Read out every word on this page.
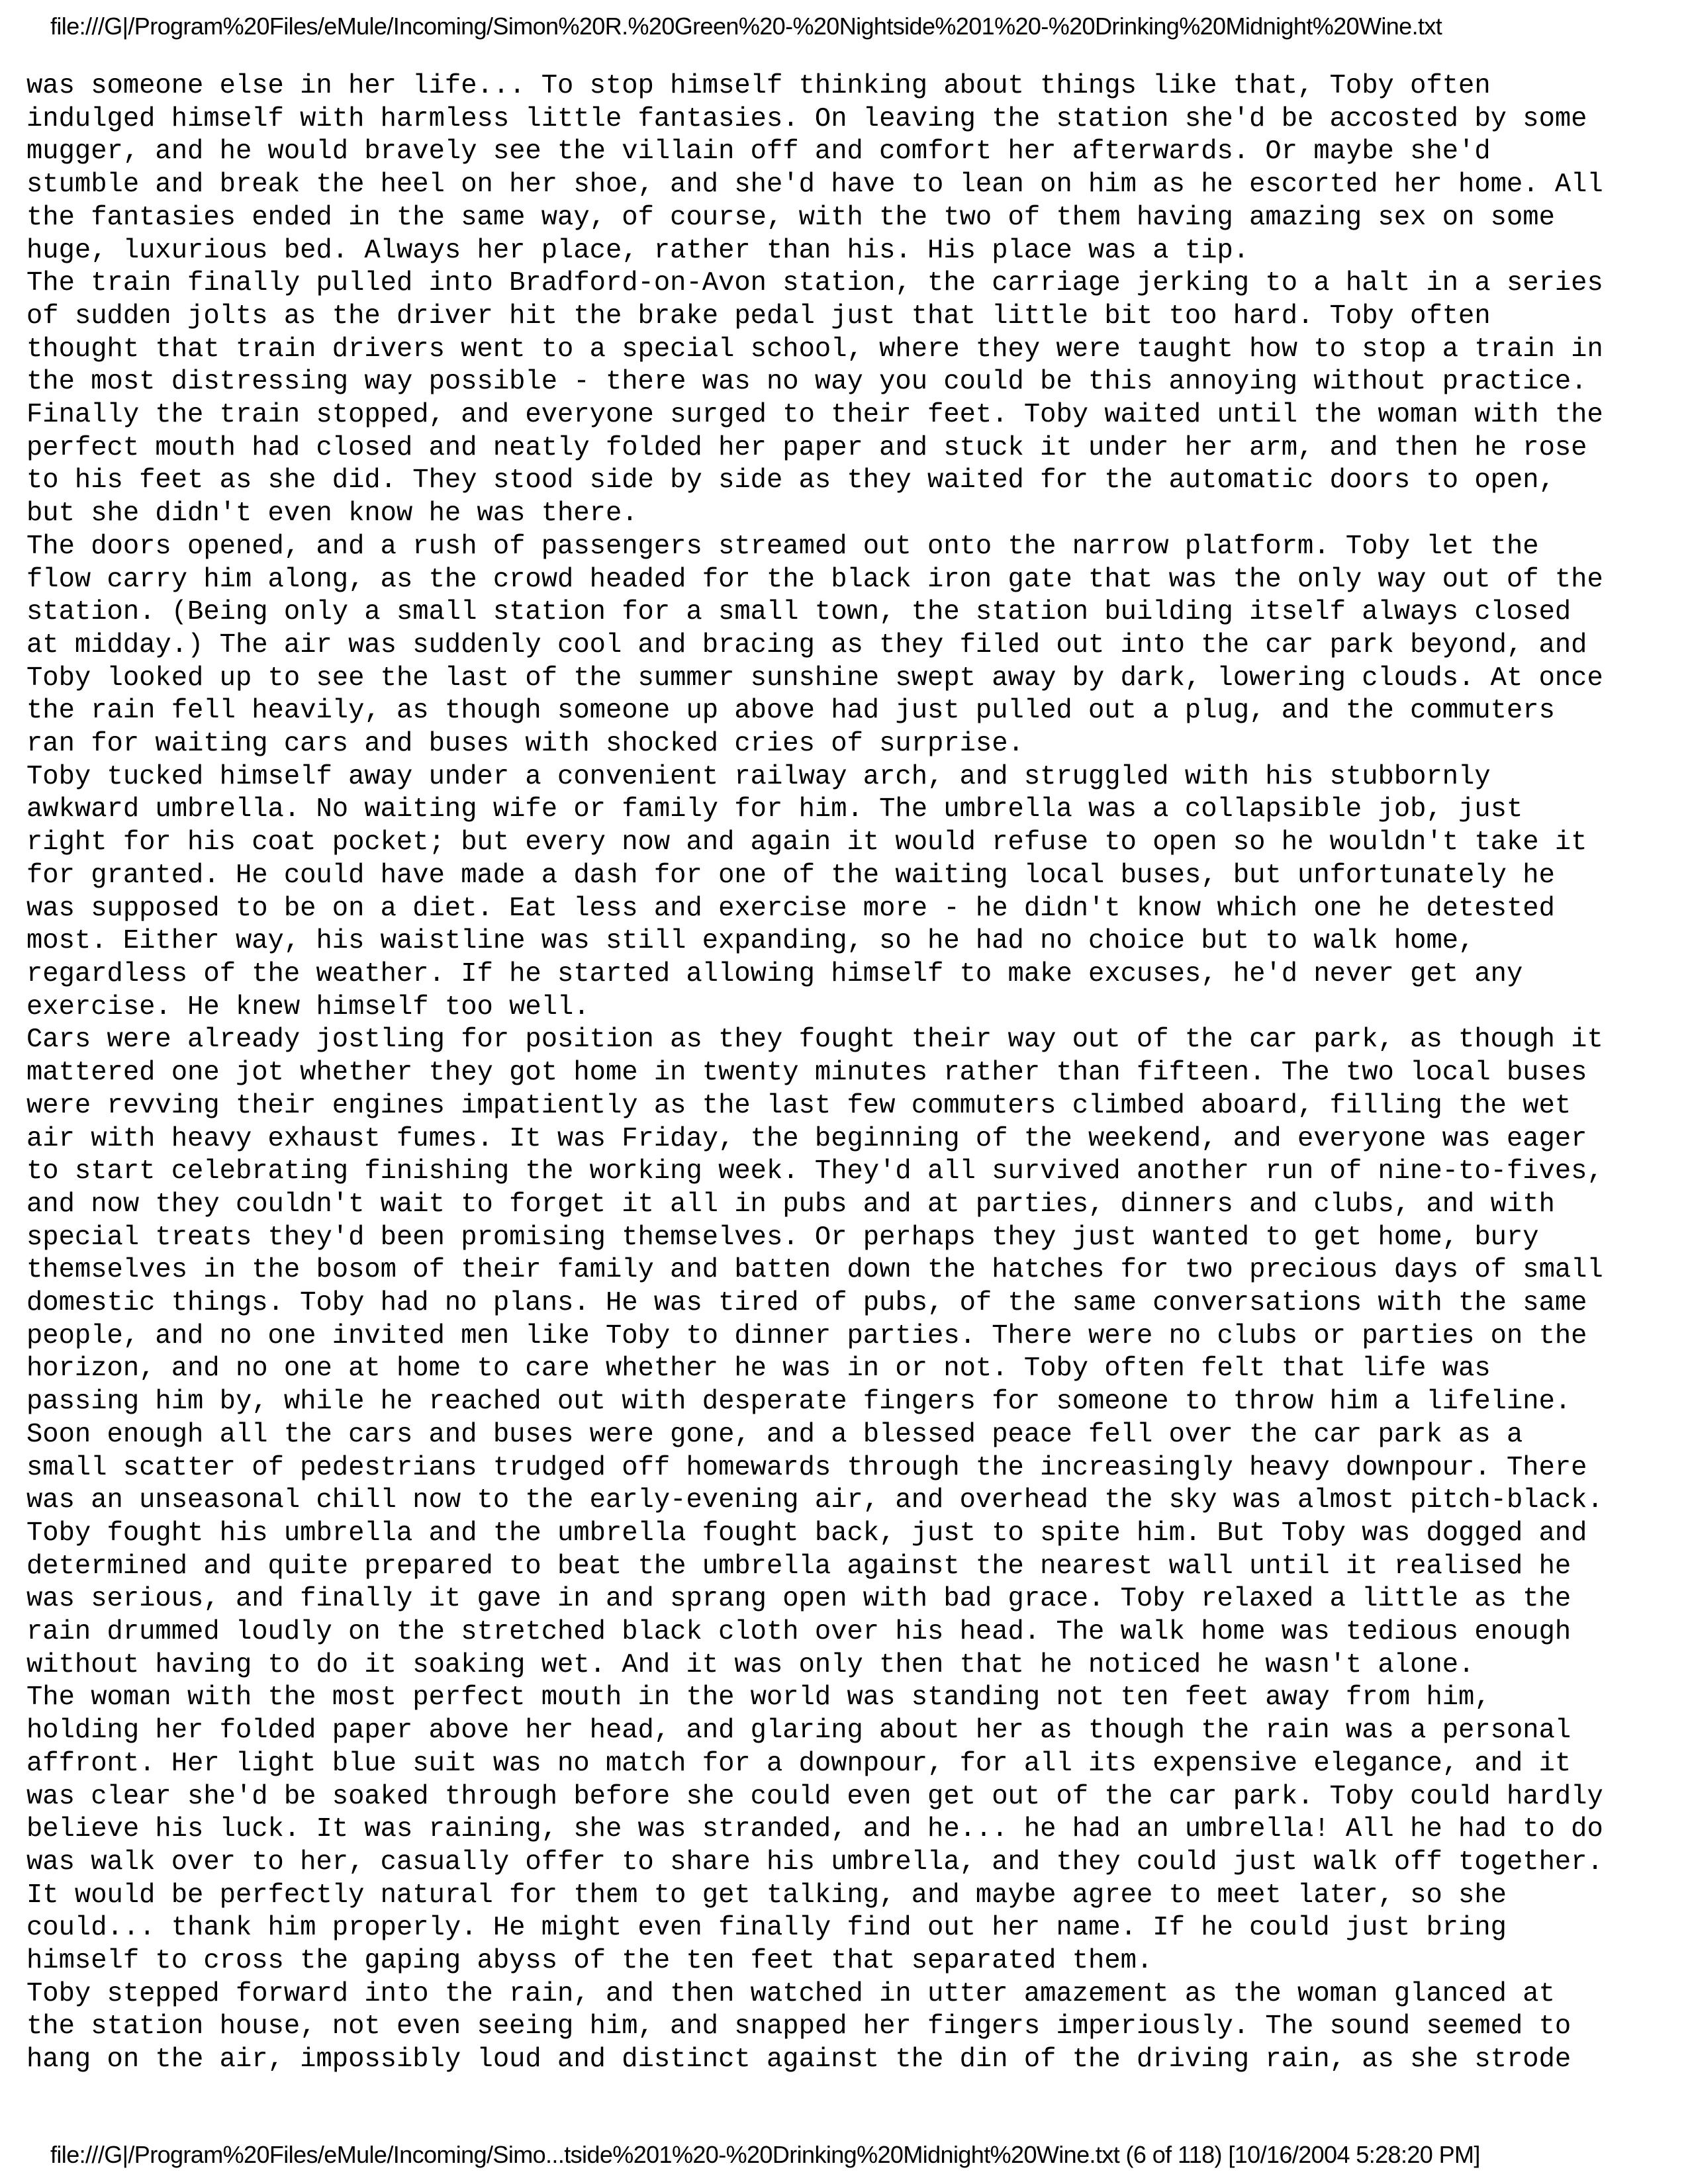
file:///G|/Program%20Files/eMule/Incoming/Simon%20R.%20Green%20-%20Nightside%201%20-%20Drinking%20Midnight%20Wine.txt
was someone else in her life... To stop himself thinking about things like that, Toby often
indulged himself with harmless little fantasies. On leaving the station she'd be accosted by some
mugger, and he would bravely see the villain off and comfort her afterwards. Or maybe she'd
stumble and break the heel on her shoe, and she'd have to lean on him as he escorted her home. All
the fantasies ended in the same way, of course, with the two of them having amazing sex on some
huge, luxurious bed. Always her place, rather than his. His place was a tip.
The train finally pulled into Bradford-on-Avon station, the carriage jerking to a halt in a series
of sudden jolts as the driver hit the brake pedal just that little bit too hard. Toby often
thought that train drivers went to a special school, where they were taught how to stop a train in
the most distressing way possible - there was no way you could be this annoying without practice.
Finally the train stopped, and everyone surged to their feet. Toby waited until the woman with the
perfect mouth had closed and neatly folded her paper and stuck it under her arm, and then he rose
to his feet as she did. They stood side by side as they waited for the automatic doors to open,
but she didn't even know he was there.
The doors opened, and a rush of passengers streamed out onto the narrow platform. Toby let the
flow carry him along, as the crowd headed for the black iron gate that was the only way out of the
station. (Being only a small station for a small town, the station building itself always closed
at midday.) The air was suddenly cool and bracing as they filed out into the car park beyond, and
Toby looked up to see the last of the summer sunshine swept away by dark, lowering clouds. At once
the rain fell heavily, as though someone up above had just pulled out a plug, and the commuters
ran for waiting cars and buses with shocked cries of surprise.
Toby tucked himself away under a convenient railway arch, and struggled with his stubbornly
awkward umbrella. No waiting wife or family for him. The umbrella was a collapsible job, just
right for his coat pocket; but every now and again it would refuse to open so he wouldn't take it
for granted. He could have made a dash for one of the waiting local buses, but unfortunately he
was supposed to be on a diet. Eat less and exercise more - he didn't know which one he detested
most. Either way, his waistline was still expanding, so he had no choice but to walk home,
regardless of the weather. If he started allowing himself to make excuses, he'd never get any
exercise. He knew himself too well.
Cars were already jostling for position as they fought their way out of the car park, as though it
mattered one jot whether they got home in twenty minutes rather than fifteen. The two local buses
were revving their engines impatiently as the last few commuters climbed aboard, filling the wet
air with heavy exhaust fumes. It was Friday, the beginning of the weekend, and everyone was eager
to start celebrating finishing the working week. They'd all survived another run of nine-to-fives,
and now they couldn't wait to forget it all in pubs and at parties, dinners and clubs, and with
special treats they'd been promising themselves. Or perhaps they just wanted to get home, bury
themselves in the bosom of their family and batten down the hatches for two precious days of small
domestic things. Toby had no plans. He was tired of pubs, of the same conversations with the same
people, and no one invited men like Toby to dinner parties. There were no clubs or parties on the
horizon, and no one at home to care whether he was in or not. Toby often felt that life was
passing him by, while he reached out with desperate fingers for someone to throw him a lifeline.
Soon enough all the cars and buses were gone, and a blessed peace fell over the car park as a
small scatter of pedestrians trudged off homewards through the increasingly heavy downpour. There
was an unseasonal chill now to the early-evening air, and overhead the sky was almost pitch-black.
Toby fought his umbrella and the umbrella fought back, just to spite him. But Toby was dogged and
determined and quite prepared to beat the umbrella against the nearest wall until it realised he
was serious, and finally it gave in and sprang open with bad grace. Toby relaxed a little as the
rain drummed loudly on the stretched black cloth over his head. The walk home was tedious enough
without having to do it soaking wet. And it was only then that he noticed he wasn't alone.
The woman with the most perfect mouth in the world was standing not ten feet away from him,
holding her folded paper above her head, and glaring about her as though the rain was a personal
affront. Her light blue suit was no match for a downpour, for all its expensive elegance, and it
was clear she'd be soaked through before she could even get out of the car park. Toby could hardly
believe his luck. It was raining, she was stranded, and he... he had an umbrella! All he had to do
was walk over to her, casually offer to share his umbrella, and they could just walk off together.
It would be perfectly natural for them to get talking, and maybe agree to meet later, so she
could... thank him properly. He might even finally find out her name. If he could just bring
himself to cross the gaping abyss of the ten feet that separated them.
Toby stepped forward into the rain, and then watched in utter amazement as the woman glanced at
the station house, not even seeing him, and snapped her fingers imperiously. The sound seemed to
hang on the air, impossibly loud and distinct against the din of the driving rain, as she strode
file:///G|/Program%20Files/eMule/Incoming/Simo...tside%201%20-%20Drinking%20Midnight%20Wine.txt (6 of 118) [10/16/2004 5:28:20 PM]
